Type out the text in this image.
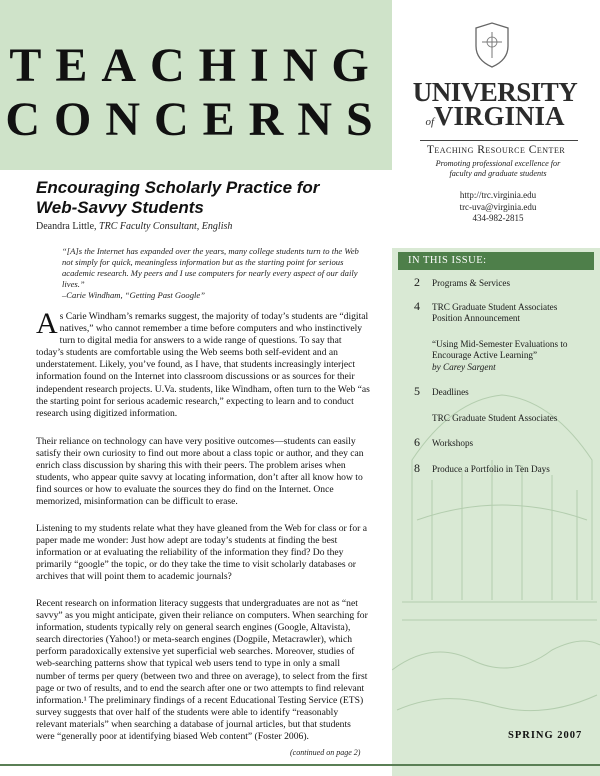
TEACHING
CONCERNS
Encouraging Scholarly Practice for
Web-Savvy Students
Deandra Little, TRC Faculty Consultant, English
“[A]s the Internet has expanded over the years, many college students turn to the Web not simply for quick, meaningless information but as the starting point for serious academic research. My peers and I use computers for nearly every aspect of our daily lives.”
–Carie Windham, “Getting Past Google”
As Carie Windham’s remarks suggest, the majority of today’s students are “digital natives,” who cannot remember a time before computers and who instinctively turn to digital media for answers to a wide range of questions. To say that today’s students are comfortable using the Web seems both self-evident and an understatement. Likely, you’ve found, as I have, that students increasingly interject information found on the Internet into classroom discussions or as sources for their independent research projects. U.Va. students, like Windham, often turn to the Web “as the starting point for serious academic research,” expecting to learn and to conduct research using digitized information.
Their reliance on technology can have very positive outcomes—students can easily satisfy their own curiosity to find out more about a class topic or author, and they can enrich class discussion by sharing this with their peers. The problem arises when students, who appear quite savvy at locating information, don’t after all know how to find sources or how to evaluate the sources they do find on the Internet. Once memorized, misinformation can be difficult to erase.
Listening to my students relate what they have gleaned from the Web for class or for a paper made me wonder: Just how adept are today’s students at finding the best information or at evaluating the reliability of the information they find? Do they primarily “google” the topic, or do they take the time to visit scholarly databases or archives that will point them to academic journals?
Recent research on information literacy suggests that undergraduates are not as “net savvy” as you might anticipate, given their reliance on computers. When searching for information, students typically rely on general search engines (Google, Altavista), search directories (Yahoo!) or meta-search engines (Dogpile, Metacrawler), which perform paradoxically extensive yet superficial web searches. Moreover, studies of web-searching patterns show that typical web users tend to type in only a small number of terms per query (between two and three on average), to select from the first page or two of results, and to end the search after one or two attempts to find relevant information.¹ The preliminary findings of a recent Educational Testing Service (ETS) survey suggests that over half of the students were able to identify “reasonably relevant materials” when searching a database of journal articles, but that students were “generally poor at identifying biased Web content” (Foster 2006).
(continued on page 2)
UNIVERSITY
ofVIRGINIA
Teaching Resource Center
Promoting professional excellence for
faculty and graduate students
http://trc.virginia.edu
trc-uva@virginia.edu
434-982-2815
IN THIS ISSUE:
2	Programs & Services
4	TRC Graduate Student Associates Position Announcement
“Using Mid-Semester Evaluations to Encourage Active Learning”
by Carey Sargent
5	Deadlines
TRC Graduate Student Associates
6	Workshops
8	Produce a Portfolio in Ten Days
SPRING 2007
